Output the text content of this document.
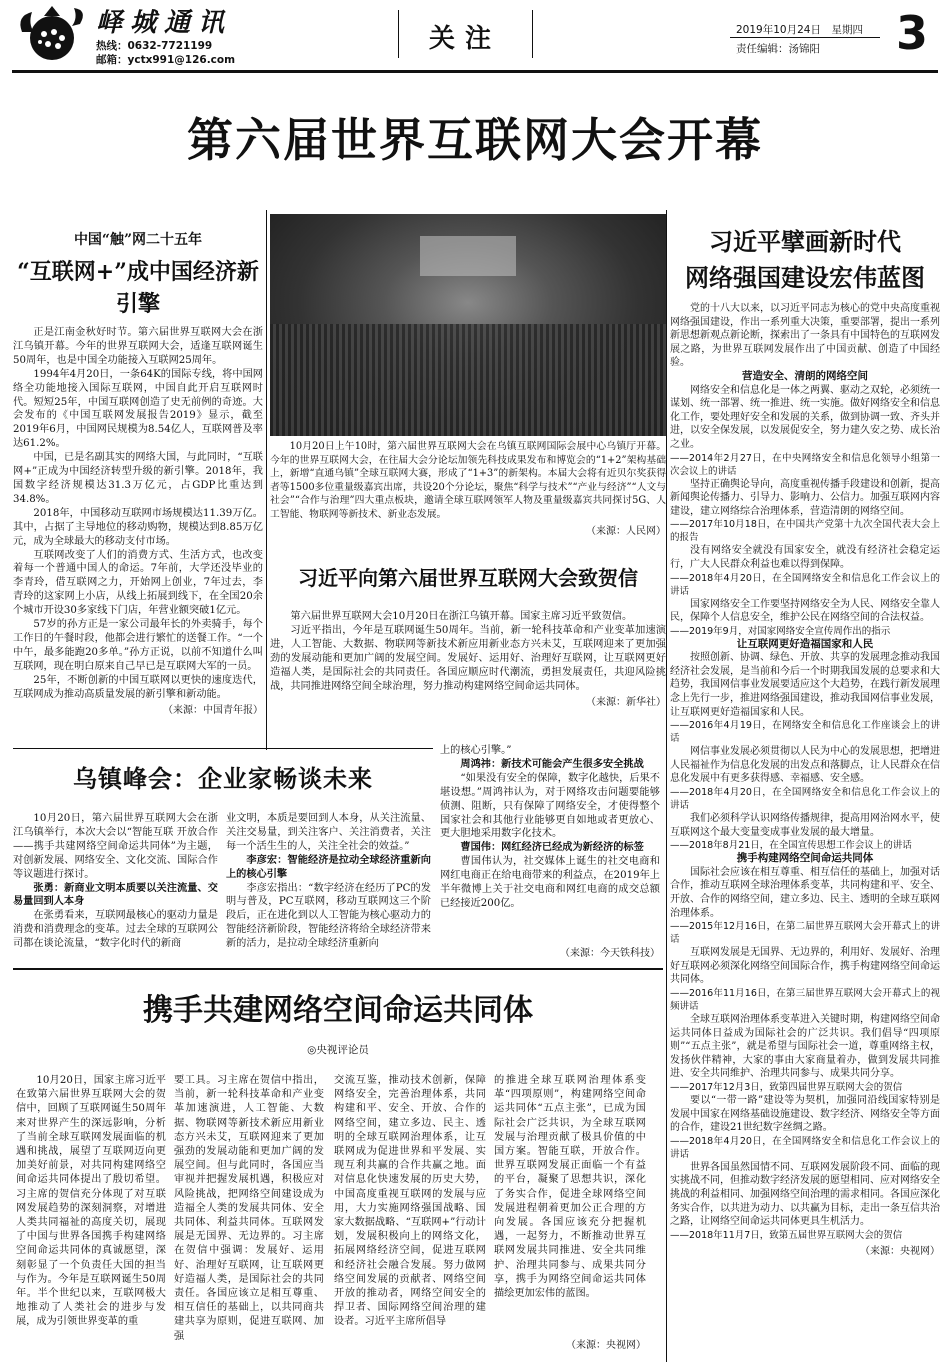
峄城通讯
热线：0632-7721199
邮箱：yctx991@126.com
关注	2019年10月24日　星期四
责任编辑：汤锦阳 3
第六届世界互联网大会开幕
中国“触”网二十五年
“互联网+”成中国经济新引擎

正是江南金秋好时节。第六届世界互联网大会在浙江乌镇开幕。今年的世界互联网大会，适逢互联网诞生50周年，也是中国全功能接入互联网25周年。

1994年4月20日，一条64K的国际专线，将中国网络全功能地接入国际互联网，中国自此开启互联网时代。短短25年，中国互联网创造了史无前例的奇迹。大会发布的《中国互联网发展报告2019》显示，截至2019年6月，中国网民规模为8.54亿人，互联网普及率达61.2%。

中国，已是名副其实的网络大国，与此同时，“互联网+”正成为中国经济转型升级的新引擎。2018年，我国数字经济规模达31.3万亿元，占GDP比重达到34.8%。

2018年，中国移动互联网市场规模达11.39万亿。其中，占据了主导地位的移动购物，规模达到8.85万亿元，成为全球最大的移动支付市场。

互联网改变了人们的消费方式、生活方式，也改变着每一个普通中国人的命运。7年前，大学还没毕业的李青玲，借互联网之力，开始网上创业，7年过去，李青玲的这家网上小店，从线上拓展到线下，在全国20余个城市开设30多家线下门店，年营业额突破1亿元。

57岁的孙方正是一家公司最年长的外卖骑手，每个工作日的午餐时段，他都会进行繁忙的送餐工作。“一个中午，最多能跑20多单。”孙方正说，以前不知道什么叫互联网，现在明白原来自己早已是互联网大军的一员。

25年，不断创新的中国互联网以更快的速度迭代，互联网成为推动高质量发展的新引擎和新动能。

（来源：中国青年报）
10月20日上午10时，第六届世界互联网大会在乌镇互联网国际会展中心乌镇厅开幕。今年的世界互联网大会，在往届大会分论坛加领先科技成果发布和博览会的“1+2”架构基础上，新增“直通乌镇”全球互联网大赛，形成了“1+3”的新架构。本届大会将有近贝尔奖获得者等1500多位重量级嘉宾出席，共设20个分论坛，聚焦“科学与技术”“产业与经济”“人文与社会”“合作与治理”四大重点板块，邀请全球互联网领军人物及重量级嘉宾共同探讨5G、人工智能、物联网等新技术、新业态发展。
（来源：人民网）
习近平向第六届世界互联网大会致贺信

第六届世界互联网大会10月20日在浙江乌镇开幕。国家主席习近平致贺信。

习近平指出，今年是互联网诞生50周年。当前，新一轮科技革命和产业变革加速演进，人工智能、大数据、物联网等新技术新应用新业态方兴未艾，互联网迎来了更加强劲的发展动能和更加广阔的发展空间。发展好、运用好、治理好互联网，让互联网更好造福人类，是国际社会的共同责任。各国应顺应时代潮流，勇担发展责任，共迎风险挑战，共同推进网络空间全球治理，努力推动构建网络空间命运共同体。

（来源：新华社）
习近平擘画新时代
网络强国建设宏伟蓝图

党的十八大以来，以习近平同志为核心的党中央高度重视网络强国建设，作出一系列重大决策，重要部署，提出一系列新思想新观点新论断，探索出了一条具有中国特色的互联网发展之路，为世界互联网发展作出了中国贡献、创造了中国经验。

营造安全、清朗的网络空间

网络安全和信息化是一体之两翼、驱动之双轮，必须统一谋划、统一部署、统一推进、统一实施。做好网络安全和信息化工作，要处理好安全和发展的关系，做到协调一致、齐头并进，以安全保发展，以发展促安全，努力建久安之势、成长治之业。

——2014年2月27日，在中央网络安全和信息化领导小组第一次会议上的讲话

坚持正确舆论导向，高度重视传播手段建设和创新，提高新闻舆论传播力、引导力、影响力、公信力。加强互联网内容建设，建立网络综合治理体系，营造清朗的网络空间。

——2017年10月18日，在中国共产党第十九次全国代表大会上的报告

没有网络安全就没有国家安全，就没有经济社会稳定运行，广大人民群众利益也难以得到保障。

——2018年4月20日，在全国网络安全和信息化工作会议上的讲话

国家网络安全工作要坚持网络安全为人民、网络安全靠人民，保障个人信息安全，维护公民在网络空间的合法权益。

——2019年9月，对国家网络安全宣传周作出的指示

让互联网更好造福国家和人民

按照创新、协调、绿色、开放、共享的发展理念推动我国经济社会发展，是当前和今后一个时期我国发展的总要求和大趋势，我国网信事业发展要适应这个大趋势，在践行新发展理念上先行一步，推进网络强国建设，推动我国网信事业发展，让互联网更好造福国家和人民。

——2016年4月19日，在网络安全和信息化工作座谈会上的讲话

网信事业发展必须贯彻以人民为中心的发展思想，把增进人民福祉作为信息化发展的出发点和落脚点，让人民群众在信息化发展中有更多获得感、幸福感、安全感。

——2018年4月20日，在全国网络安全和信息化工作会议上的讲话

我们必须科学认识网络传播规律，提高用网治网水平，使互联网这个最大变量变成事业发展的最大增量。

——2018年8月21日，在全国宣传思想工作会议上的讲话

携手构建网络空间命运共同体

国际社会应该在相互尊重、相互信任的基础上，加强对话合作，推动互联网全球治理体系变革，共同构建和平、安全、开放、合作的网络空间，建立多边、民主、透明的全球互联网治理体系。

——2015年12月16日，在第二届世界互联网大会开幕式上的讲话

互联网发展是无国界、无边界的，利用好、发展好、治理好互联网必须深化网络空间国际合作，携手构建网络空间命运共同体。

——2016年11月16日，在第三届世界互联网大会开幕式上的视频讲话

全球互联网治理体系变革进入关键时期，构建网络空间命运共同体日益成为国际社会的广泛共识。我们倡导“四项原则”“五点主张”，就是希望与国际社会一道，尊重网络主权，发扬伙伴精神，大家的事由大家商量着办，做到发展共同推进、安全共同维护、治理共同参与、成果共同分享。

——2017年12月3日，致第四届世界互联网大会的贺信

要以“一带一路”建设等为契机，加强同沿线国家特别是发展中国家在网络基础设施建设、数字经济、网络安全等方面的合作，建设21世纪数字丝绸之路。

——2018年4月20日，在全国网络安全和信息化工作会议上的讲话

世界各国虽然国情不同、互联网发展阶段不同、面临的现实挑战不同，但推动数字经济发展的愿望相同、应对网络安全挑战的利益相同、加强网络空间治理的需求相同。各国应深化务实合作，以共进为动力、以共赢为目标，走出一条互信共治之路，让网络空间命运共同体更具生机活力。

——2018年11月7日，致第五届世界互联网大会的贺信

（来源：央视网）
乌镇峰会：企业家畅谈未来

10月20日，第六届世界互联网大会在浙江乌镇举行，本次大会以“智能互联 开放合作——携手共建网络空间命运共同体”为主题，对创新发展、网络安全、文化交流、国际合作等议题进行探讨。

张勇：新商业文明本质要以关注流量、交易量回到人本身

在张勇看来，互联网最核心的驱动力量是消费和消费理念的变革。过去全球的互联网公司都在谈论流量，“数字化时代的新商

业文明，本质是要回到人本身，从关注流量、关注交易量，到关注客户、关注消费者，关注每一个活生生的人，关注全社会的效益。”

李彦宏：智能经济是拉动全球经济重新向上的核心引擎

李彦宏指出：“数字经济在经历了PC的发明与普及，PC互联网，移动互联网这三个阶段后，正在进化到以人工智能为核心驱动力的智能经济新阶段，智能经济将给全球经济带来新的活力，是拉动全球经济重新向

上的核心引擎。”

周鸿祎：新技术可能会产生很多安全挑战

“如果没有安全的保障，数字化越快，后果不堪设想。”周鸿祎认为，对于网络攻击问题要能够侦测、阻断，只有保障了网络安全，才使得整个国家社会和其他行业能够更自如地或者更放心、更大胆地采用数字化技术。

曹国伟：网红经济已经成为新经济的标签

曹国伟认为，社交媒体上诞生的社交电商和网红电商正在给电商带来的利益点，在2019年上半年微博上关于社交电商和网红电商的成交总额已经接近200亿。

（来源：今天铁科技）
携手共建网络空间命运共同体
◎央视评论员
10月20日，国家主席习近平在致第六届世界互联网大会的贺信中，回顾了互联网诞生50周年来对世界产生的深远影响，分析了当前全球互联网发展面临的机遇和挑战，展望了互联网迈向更加美好前景，对共同构建网络空间命运共同体提出了殷切希望。习主席的贺信充分体现了对互联网发展趋势的深刻洞察，对增进人类共同福祉的高度关切，展现了中国与世界各国携手构建网络空间命运共同体的真诚愿望，深刻彰显了一个负责任大国的担当与作为。今年是互联网诞生50周年。半个世纪以来，互联网极大地推动了人类社会的进步与发展，成为引领世界变革的重
要工具。习主席在贺信中指出，当前，新一轮科技革命和产业变革加速演进，人工智能、大数据、物联网等新技术新应用新业态方兴未艾，互联网迎来了更加强劲的发展动能和更加广阔的发展空间。但与此同时，各国应当审视并把握发展机遇，积极应对风险挑战，把网络空间建设成为造福全人类的发展共同体、安全共同体、利益共同体。互联网发展是无国界、无边界的。习主席在贺信中强调：发展好、运用好、治理好互联网，让互联网更好造福人类，是国际社会的共同责任。各国应该立足相互尊重、相互信任的基础上，以共同商共建共享为原则，促进互联网、加强
交流互鉴，推动技术创新，保障网络安全，完善治理体系，共同构建和平、安全、开放、合作的网络空间，建立多边、民主、透明的全球互联网治理体系，让互联网成为促进世界和平发展、实现互利共赢的合作共赢之地。面对信息化快速发展的历史大势，中国高度重视互联网的发展与应用，大力实施网络强国战略、国家大数据战略、“互联网+”行动计划，发展积极向上的网络文化，拓展网络经济空间，促进互联网和经济社会融合发展。努力做网络空间发展的贡献者、网络空间开放的推动者，网络空间安全的捍卫者、国际网络空间治理的建设者。习近平主席所倡导
的推进全球互联网治理体系变革“四项原则”，构建网络空间命运共同体“五点主张”，已成为国际社会广泛共识，为全球互联网发展与治理贡献了极具价值的中国方案。智能互联，开放合作。世界互联网发展正面临一个有益的平台，凝聚了思想共识，深化了务实合作，促进全球网络空间发展进程朝着更加公正合理的方向发展。各国应该充分把握机遇，一起努力，不断推动世界互联网发展共同推进、安全共同维护、治理共同参与、成果共同分享，携手为网络空间命运共同体描绘更加宏伟的蓝图。
（来源：央视网）
